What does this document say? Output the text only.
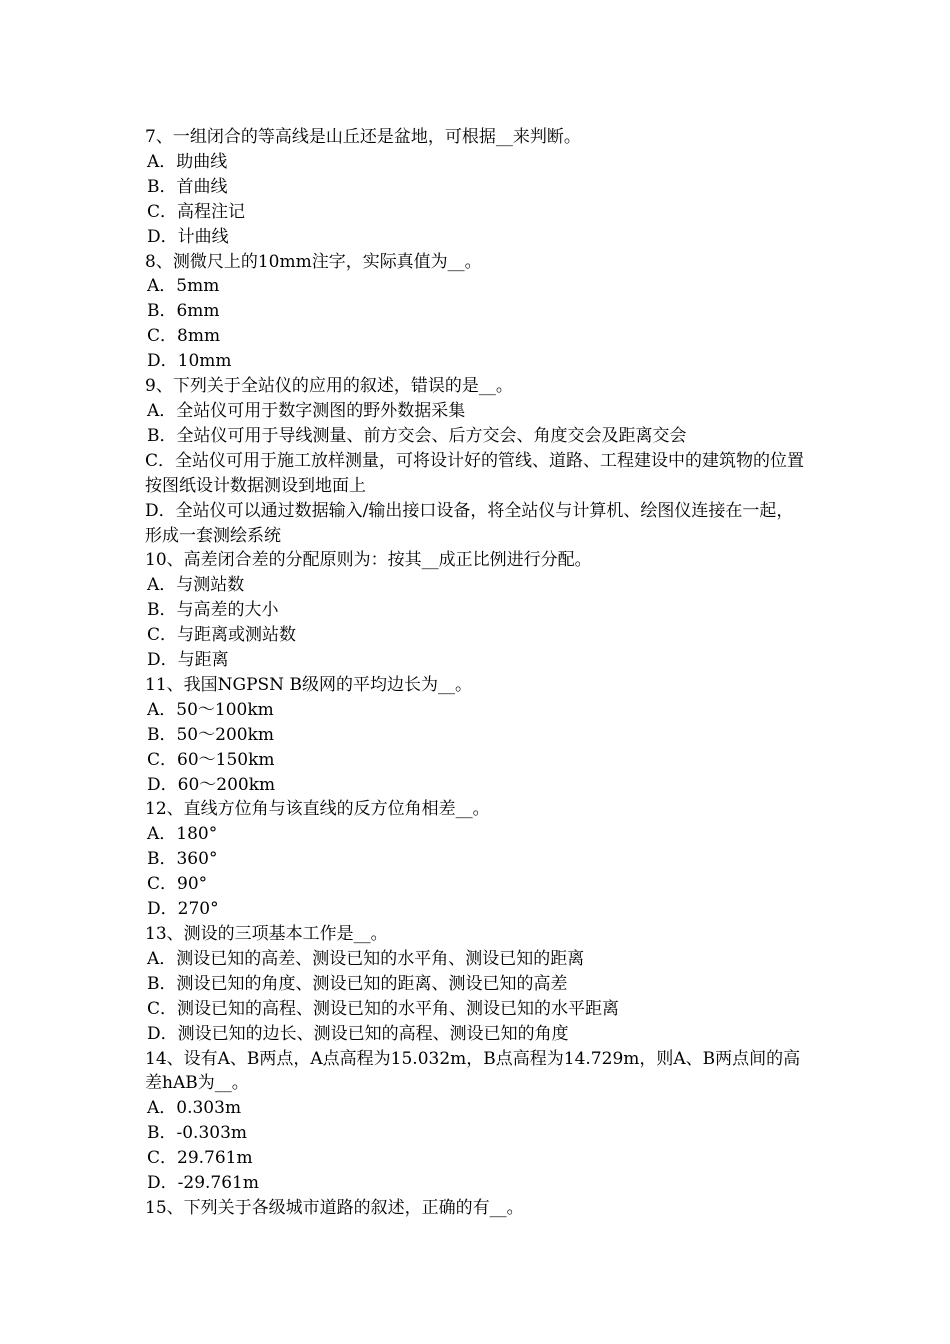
7、一组闭合的等高线是山丘还是盆地，可根据__来判断。

A．助曲线

B．首曲线

C．高程注记

D．计曲线

8、测微尺上的10mm注字，实际真值为__。

A．5mm

B．6mm

C．8mm

D．10mm

9、下列关于全站仪的应用的叙述，错误的是__。

A．全站仪可用于数字测图的野外数据采集

B．全站仪可用于导线测量、前方交会、后方交会、角度交会及距离交会

C．全站仪可用于施工放样测量，可将设计好的管线、道路、工程建设中的建筑物的位置按图纸设计数据测设到地面上

D．全站仪可以通过数据输入/输出接口设备，将全站仪与计算机、绘图仪连接在一起，形成一套测绘系统

10、高差闭合差的分配原则为：按其__成正比例进行分配。

A．与测站数

B．与高差的大小

C．与距离或测站数

D．与距离

11、我国NGPSN B级网的平均边长为__。

A．50～100km

B．50～200km

C．60～150km

D．60～200km

12、直线方位角与该直线的反方位角相差__。

A．180°

B．360°

C．90°

D．270°

13、测设的三项基本工作是__。

A．测设已知的高差、测设已知的水平角、测设已知的距离

B．测设已知的角度、测设已知的距离、测设已知的高差

C．测设已知的高程、测设已知的水平角、测设已知的水平距离

D．测设已知的边长、测设已知的高程、测设已知的角度

14、设有A、B两点，A点高程为15.032m，B点高程为14.729m，则A、B两点间的高差hAB为__。

A．0.303m

B．-0.303m

C．29.761m

D．-29.761m

15、下列关于各级城市道路的叙述，正确的有__。
